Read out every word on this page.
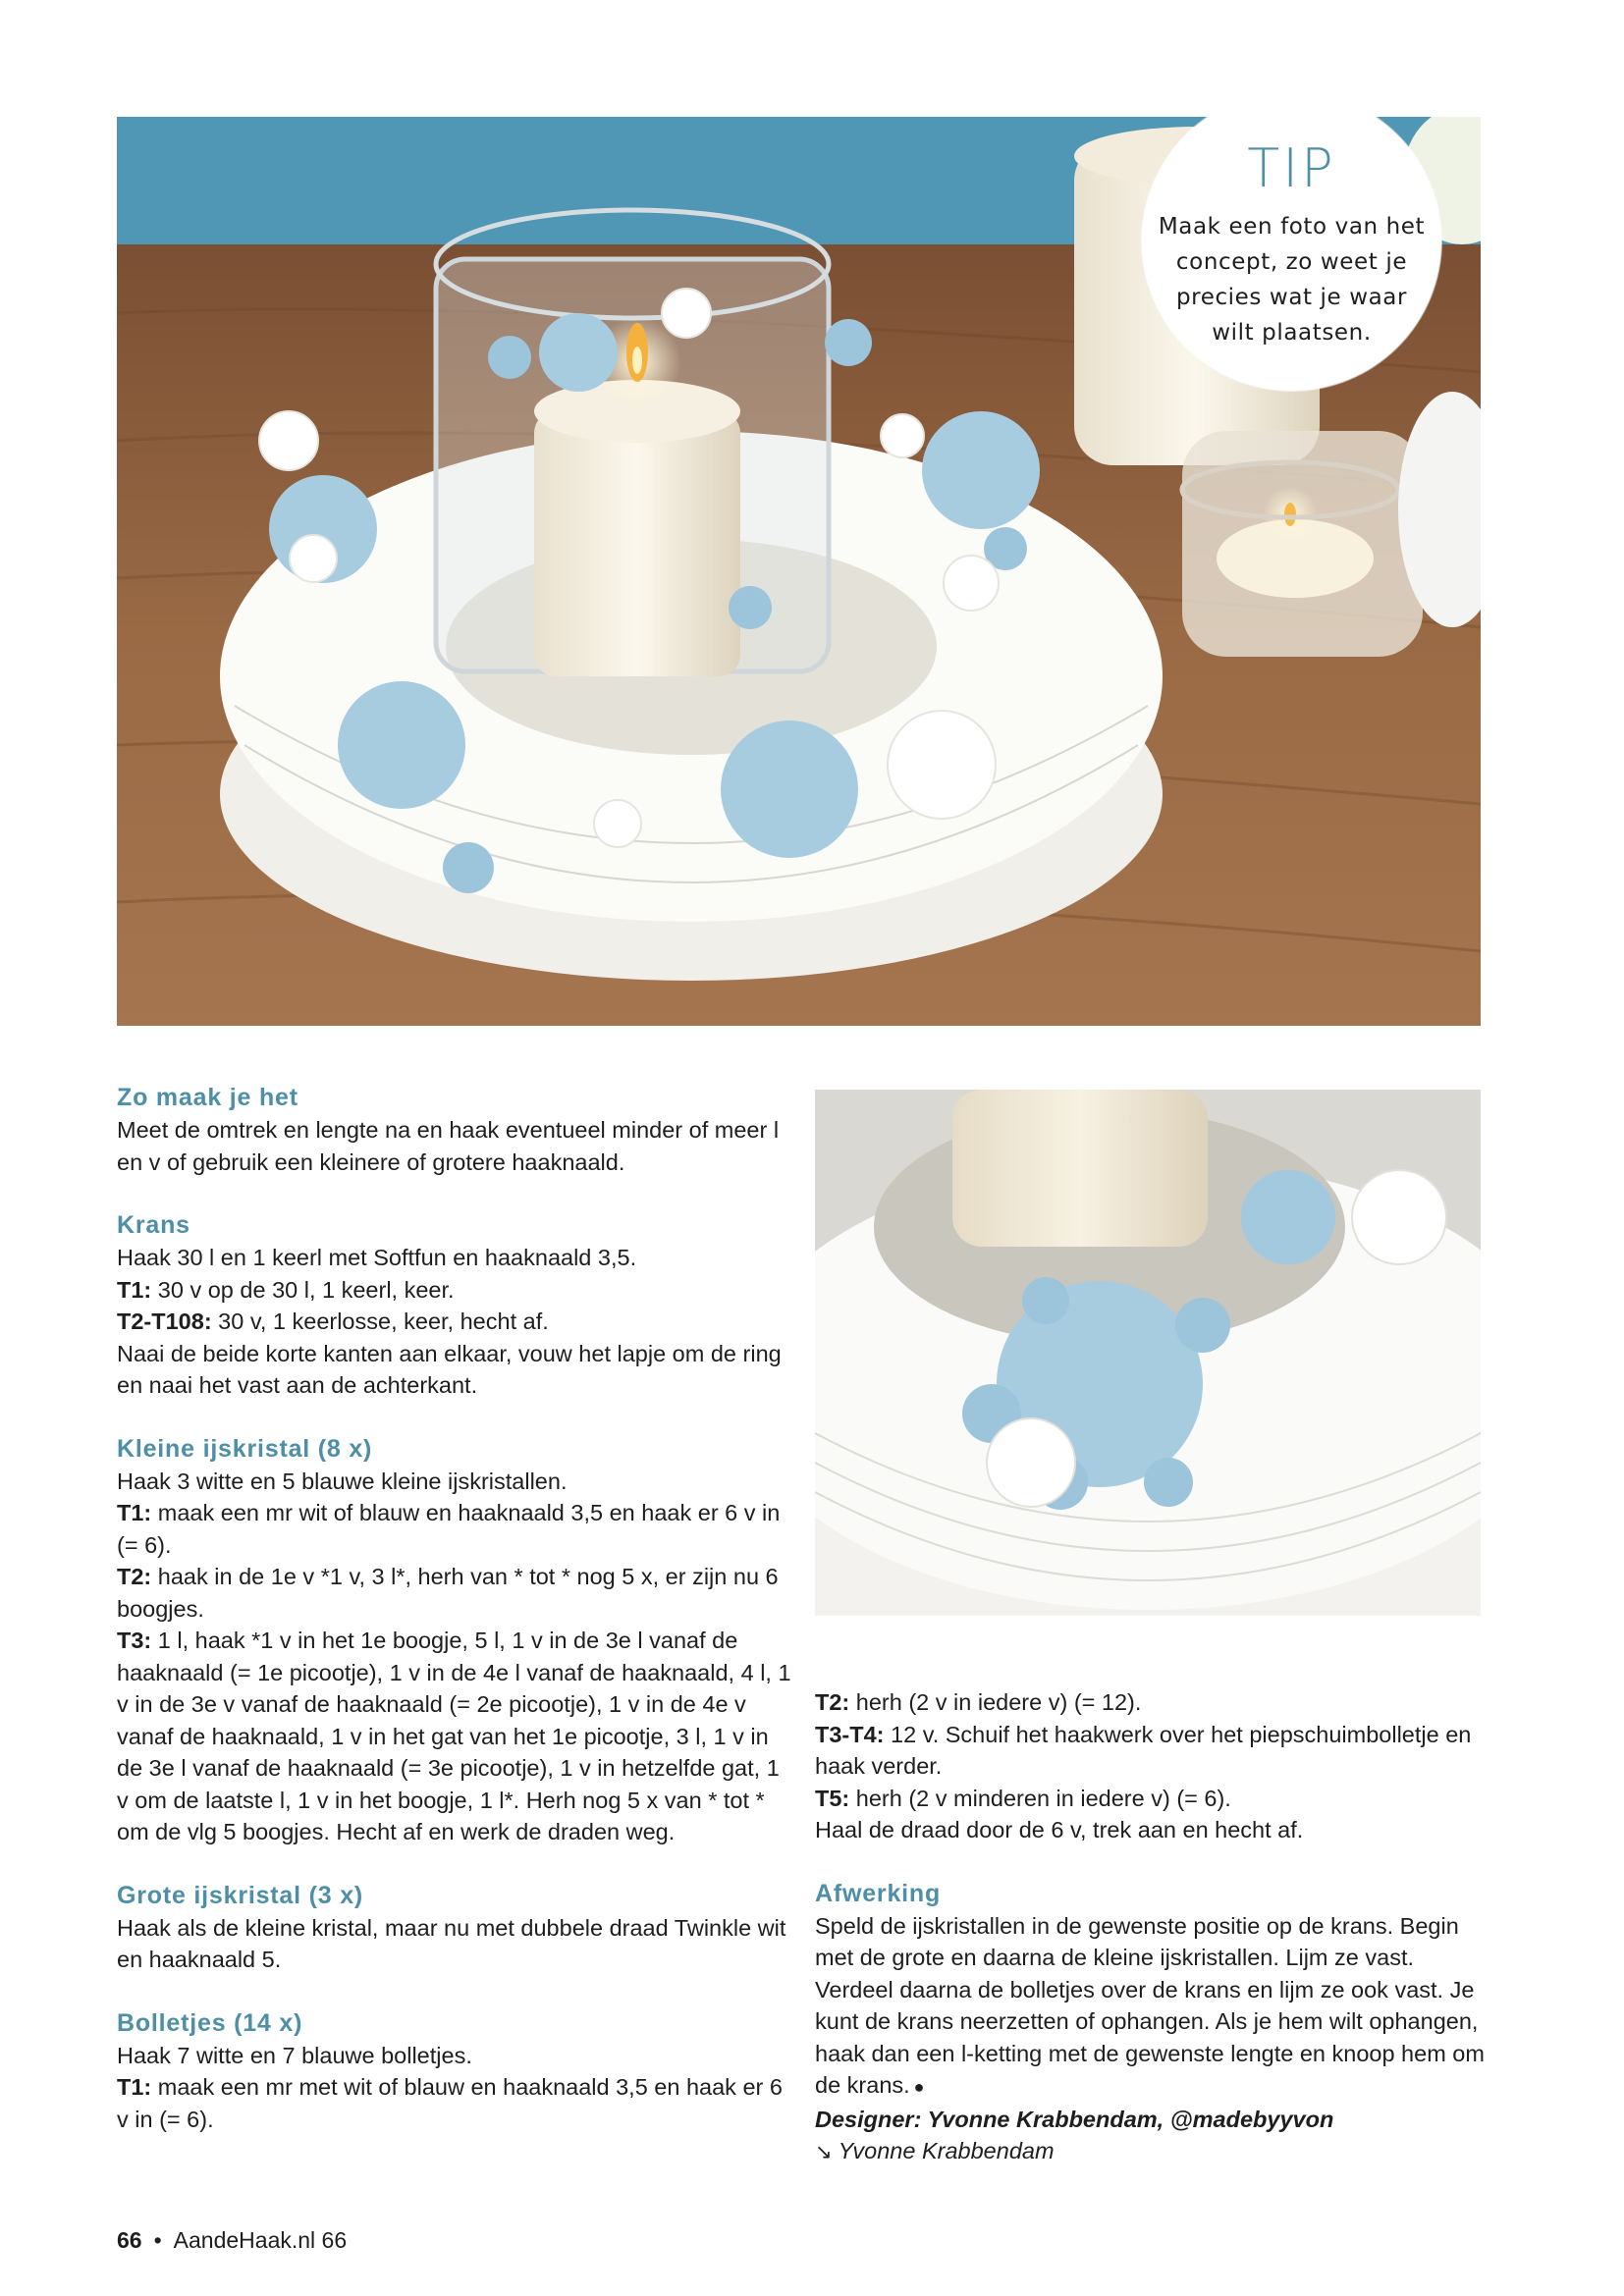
TIP
Maak een foto van het concept, zo weet je precies wat je waar wilt plaatsen.
Zo maak je het

Meet de omtrek en lengte na en haak eventueel minder of meer l en v of gebruik een kleinere of grotere haaknaald.

Krans

Haak 30 l en 1 keerl met Softfun en haaknaald 3,5.

T1: 30 v op de 30 l, 1 keerl, keer.

T2-T108: 30 v, 1 keerlosse, keer, hecht af.

Naai de beide korte kanten aan elkaar, vouw het lapje om de ring en naai het vast aan de achterkant.

Kleine ijskristal (8 x)

Haak 3 witte en 5 blauwe kleine ijskristallen.

T1: maak een mr wit of blauw en haaknaald 3,5 en haak er 6 v in (= 6).

T2: haak in de 1e v *1 v, 3 l*, herh van * tot * nog 5 x, er zijn nu 6 boogjes.

T3: 1 l, haak *1 v in het 1e boogje, 5 l, 1 v in de 3e l vanaf de haaknaald (= 1e picootje), 1 v in de 4e l vanaf de haaknaald, 4 l, 1 v in de 3e v vanaf de haaknaald (= 2e picootje), 1 v in de 4e v vanaf de haaknaald, 1 v in het gat van het 1e picootje, 3 l, 1 v in de 3e l vanaf de haaknaald (= 3e picootje), 1 v in hetzelfde gat, 1 v om de laatste l, 1 v in het boogje, 1 l*. Herh nog 5 x van * tot * om de vlg 5 boogjes. Hecht af en werk de draden weg.

Grote ijskristal (3 x)

Haak als de kleine kristal, maar nu met dubbele draad Twinkle wit en haaknaald 5.

Bolletjes (14 x)

Haak 7 witte en 7 blauwe bolletjes.

T1: maak een mr met wit of blauw en haaknaald 3,5 en haak er 6 v in (= 6).

T2: herh (2 v in iedere v) (= 12).

T3-T4: 12 v. Schuif het haakwerk over het piepschuimbolletje en haak verder.

T5: herh (2 v minderen in iedere v) (= 6).

Haal de draad door de 6 v, trek aan en hecht af.

Afwerking

Speld de ijskristallen in de gewenste positie op de krans. Begin met de grote en daarna de kleine ijskristallen. Lijm ze vast. Verdeel daarna de bolletjes over de krans en lijm ze ook vast. Je kunt de krans neerzetten of ophangen. Als je hem wilt ophangen, haak dan een l-ketting met de gewenste lengte en knoop hem om de krans. ●

Designer: Yvonne Krabbendam, @madebyyvon

↘ Yvonne Krabbendam

66 • AandeHaak.nl 66
